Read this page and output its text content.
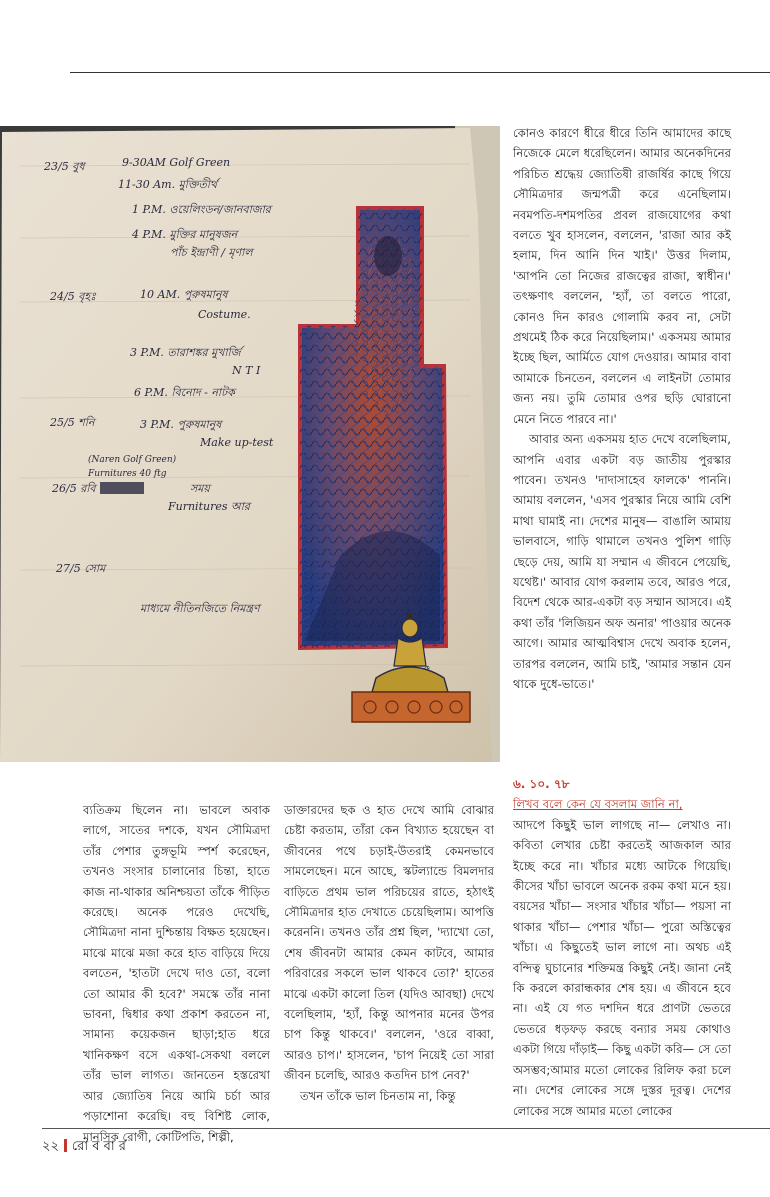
23/5 বুধ	9-30AM Golf Green
11-30 Am. মুক্তিতীর্থ
1 P.M. ওয়েলিংডন/জানবাজার
4 P.M. মুক্তির মানুষজন
পাঁচ ইন্দ্রাণী / মৃণাল
24/5 বৃহঃ	10 AM. পুরুষমানুষ
Costume.
3 P.M. তারাশঙ্কর মুখার্জি
N T I
6 P.M. বিনোদ - নাটক
25/5 শনি	3 P.M. পুরুষমানুষ
Make up-test
(Naren Golf Green)
Furnitures 40 ftg
26/5 রবি	সময়
Furnitures আর
27/5 সোম
মাধ্যমে নীতিনজিতে নিমন্ত্রণ

কোনও কারণে ধীরে ধীরে তিনি আমাদের কাছে নিজেকে মেলে ধরেছিলেন। আমার অনেকদিনের পরিচিত শ্রদ্ধেয় জ্যোতিষী রাজর্ষির কাছে গিয়ে সৌমিত্রদার জন্মপত্রী করে এনেছিলাম। নবমপতি-দশমপতির প্রবল রাজযোগের কথা বলতে খুব হাসলেন, বললেন, 'রাজা আর কই হলাম, দিন আনি দিন খাই।' উত্তর দিলাম, 'আপনি তো নিজের রাজত্বের রাজা, স্বাধীন।' তৎক্ষণাৎ বললেন, 'হ্যাঁ, তা বলতে পারো, কোনও দিন কারও গোলামি করব না, সেটা প্রথমেই ঠিক করে নিয়েছিলাম।' একসময় আমার ইচ্ছে ছিল, আর্মিতে যোগ দেওয়ার। আমার বাবা আমাকে চিনতেন, বললেন এ লাইনটা তোমার জন্য নয়। তুমি তোমার ওপর ছড়ি ঘোরানো মেনে নিতে পারবে না।'

আবার অন্য একসময় হাত দেখে বলেছিলাম, আপনি এবার একটা বড় জাতীয় পুরস্কার পাবেন। তখনও 'দাদাসাহেব ফালকে' পাননি। আমায় বললেন, 'এসব পুরস্কার নিয়ে আমি বেশি মাথা ঘামাই না। দেশের মানুষ— বাঙালি আমায় ভালবাসে, গাড়ি থামালে তখনও পুলিশ গাড়ি ছেড়ে দেয়, আমি যা সম্মান এ জীবনে পেয়েছি, যথেষ্ট।' আবার যোগ করলাম তবে, আরও পরে, বিদেশ থেকে আর-একটা বড় সম্মান আসবে। এই কথা তাঁর 'লিজিয়ন অফ অনার' পাওয়ার অনেক আগে। আমার আত্মবিশ্বাস দেখে অবাক হলেন, তারপর বললেন, আমি চাই, 'আমার সন্তান যেন থাকে দুধে-ভাতে।'

৬. ১০. ৭৮

লিখব বলে কেন যে বসলাম জানি না,

আদপে কিছুই ভাল লাগছে না— লেখাও না। কবিতা লেখার চেষ্টা করতেই আজকাল আর ইচ্ছে করে না। খাঁচার মধ্যে আটকে গিয়েছি। কীসের খাঁচা ভাবলে অনেক রকম কথা মনে হয়। বয়সের খাঁচা— সংসার খাঁচার খাঁচা— পয়সা না থাকার খাঁচা— পেশার খাঁচা— পুরো অস্তিত্বের খাঁচা। এ কিছুতেই ভাল লাগে না। অথচ এই বন্দিত্ব ঘুচানোর শক্তিমন্ত্র কিছুই নেই। জানা নেই কি করলে কারান্ধকার শেষ হয়। এ জীবনে হবে না। এই যে গত দশদিন ধরে প্রাণটা ভেতরে ভেতরে ধড়ফড় করছে বন্যার সময় কোথাও একটা গিয়ে দাঁড়াই— কিছু একটা করি— সে তো অসম্ভব;আমার মতো লোকের রিলিফ করা চলে না। দেশের লোকের সঙ্গে দুস্তর দূরত্ব। দেশের লোকের সঙ্গে আমার মতো লোকের

ব্যতিক্রম ছিলেন না। ভাবলে অবাক লাগে, সাতের দশকে, যখন সৌমিত্রদা তাঁর পেশার তুঙ্গভূমি স্পর্শ করেছেন, তখনও সংসার চালানোর চিন্তা, হাতে কাজ না-থাকার অনিশ্চয়তা তাঁকে পীড়িত করেছে। অনেক পরেও দেখেছি, সৌমিত্রদা নানা দুশ্চিন্তায় বিক্ষত হয়েছেন। মাঝে মাঝে মজা করে হাত বাড়িয়ে দিয়ে বলতেন, 'হাতটা দেখে দাও তো, বলো তো আমার কী হবে?' সমস্কে তাঁর নানা ভাবনা, দ্বিধার কথা প্রকাশ করতেন না, সামান্য কয়েকজন ছাড়া;হাত ধরে খানিকক্ষণ বসে একথা-সেকথা বললে তাঁর ভাল লাগত। জানতেন হস্তরেখা আর জ্যোতিষ নিয়ে আমি চর্চা আর পড়াশোনা করেছি। বহু বিশিষ্ট লোক, মানসিক রোগী, কোটিপতি, শিল্পী,

ডাক্তারদের ছক ও হাত দেখে আমি বোঝার চেষ্টা করতাম, তাঁরা কেন বিখ্যাত হয়েছেন বা জীবনের পথে চড়াই-উতরাই কেমনভাবে সামলেছেন। মনে আছে, স্কটল্যান্ডে বিমলদার বাড়িতে প্রথম ভাল পরিচয়ের রাতে, হঠাৎই সৌমিত্রদার হাত দেখাতে চেয়েছিলাম। আপত্তি করেননি। তখনও তাঁর প্রশ্ন ছিল, 'দ্যাখো তো, শেষ জীবনটা আমার কেমন কাটবে, আমার পরিবারের সকলে ভাল থাকবে তো?' হাতের মাঝে একটা কালো তিল (যদিও আবছা) দেখে বলেছিলাম, 'হ্যাঁ, কিন্তু আপনার মনের উপর চাপ কিন্তু থাকবে।' বললেন, 'ওরে বাব্বা, আরও চাপ।' হাসলেন, 'চাপ নিয়েই তো সারা জীবন চলেছি, আরও কতদিন চাপ নেব?'

তখন তাঁকে ভাল চিনতাম না, কিন্তু

২২ রো ব বা র
